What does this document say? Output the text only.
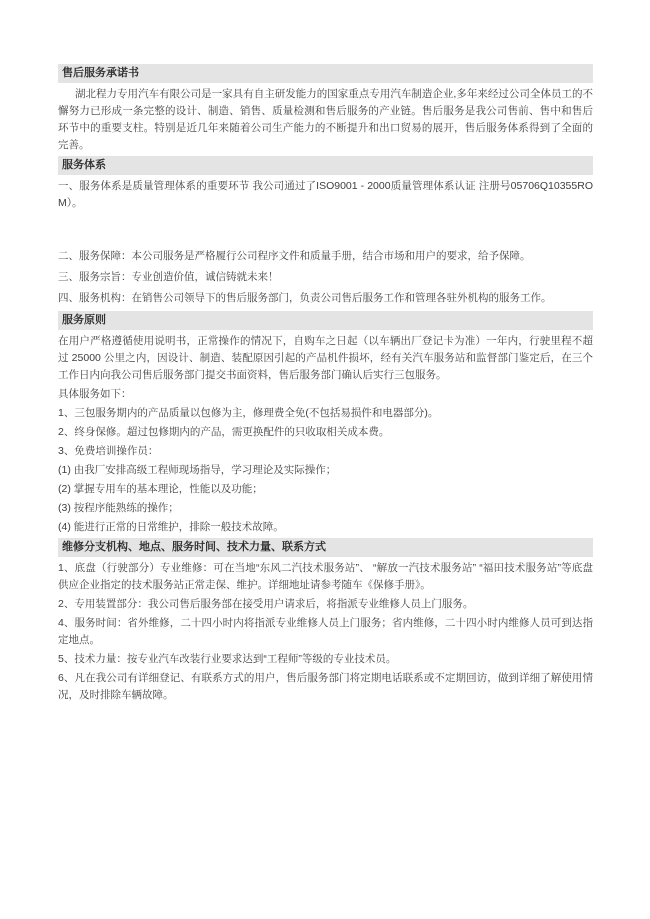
售后服务承诺书

湖北程力专用汽车有限公司是一家具有自主研发能力的国家重点专用汽车制造企业,多年来经过公司全体员工的不懈努力已形成一条完整的设计、制造、销售、质量检测和售后服务的产业链。售后服务是我公司售前、售中和售后环节中的重要支柱。特别是近几年来随着公司生产能力的不断提升和出口贸易的展开，售后服务体系得到了全面的完善。

服务体系

一、服务体系是质量管理体系的重要环节 我公司通过了ISO9001 - 2000质量管理体系认证 注册号05706Q10355ROM）。

二、服务保障：本公司服务是严格履行公司程序文件和质量手册，结合市场和用户的要求，给予保障。

三、服务宗旨：专业创造价值，诚信铸就未来！

四、服务机构：在销售公司领导下的售后服务部门，负责公司售后服务工作和管理各驻外机构的服务工作。

服务原则

在用户严格遵循使用说明书，正常操作的情况下，自购车之日起（以车辆出厂登记卡为准）一年内，行驶里程不超过 25000 公里之内，因设计、制造、装配原因引起的产品机件损坏，经有关汽车服务站和监督部门鉴定后，在三个工作日内向我公司售后服务部门提交书面资料，售后服务部门确认后实行三包服务。

具体服务如下：

1、三包服务期内的产品质量以包修为主，修理费全免(不包括易损件和电器部分)。

2、终身保修。超过包修期内的产品，需更换配件的只收取相关成本费。

3、免费培训操作员：

(1) 由我厂安排高级工程师现场指导，学习理论及实际操作；

(2) 掌握专用车的基本理论，性能以及功能；

(3) 按程序能熟练的操作；

(4) 能进行正常的日常维护，排除一般技术故障。

维修分支机构、地点、服务时间、技术力量、联系方式

1、底盘（行驶部分）专业维修：可在当地“东风二汽技术服务站”、 “解放一汽技术服务站” “福田技术服务站”等底盘供应企业指定的技术服务站正常走保、维护。详细地址请参考随车《保修手册》。

2、专用装置部分：我公司售后服务部在接受用户请求后，将指派专业维修人员上门服务。

4、服务时间：省外维修，二十四小时内将指派专业维修人员上门服务；省内维修，二十四小时内维修人员可到达指定地点。

5、技术力量：按专业汽车改装行业要求达到“工程师”等级的专业技术员。

6、凡在我公司有详细登记、有联系方式的用户，售后服务部门将定期电话联系或不定期回访，做到详细了解使用情况，及时排除车辆故障。
